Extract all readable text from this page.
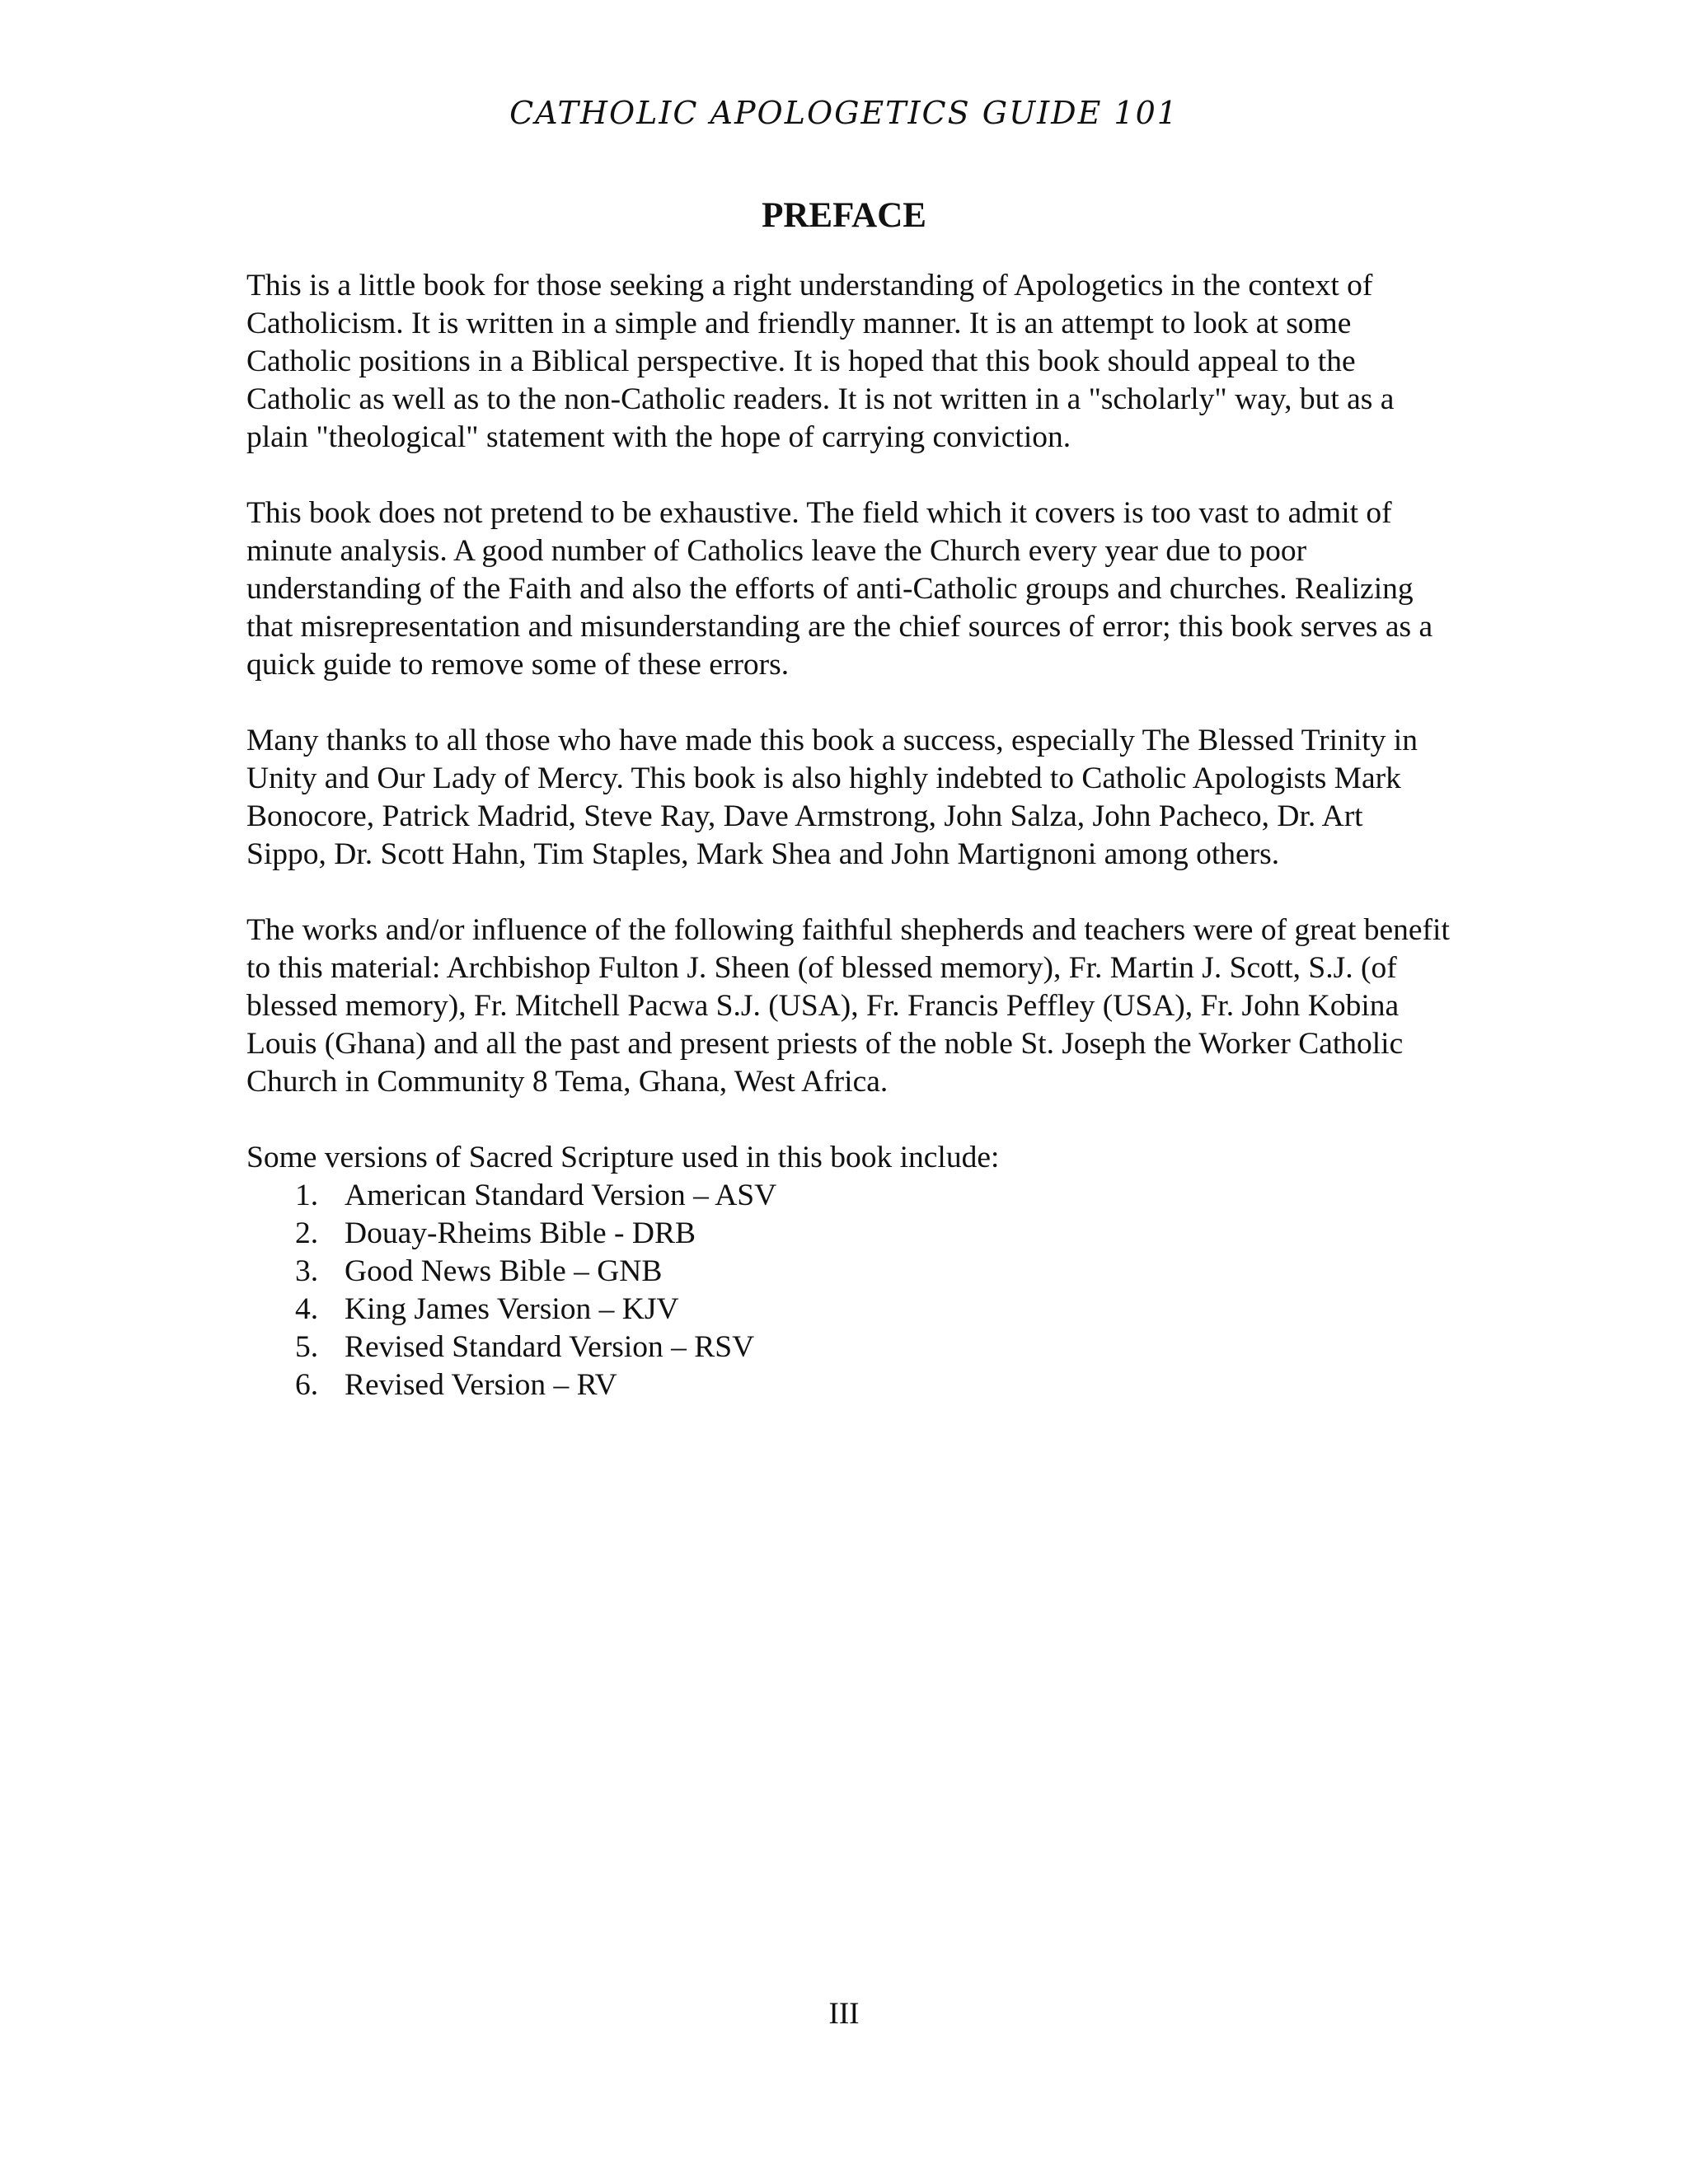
CATHOLIC APOLOGETICS GUIDE 101
PREFACE

This is a little book for those seeking a right understanding of Apologetics in the context of Catholicism. It is written in a simple and friendly manner. It is an attempt to look at some Catholic positions in a Biblical perspective. It is hoped that this book should appeal to the Catholic as well as to the non-Catholic readers. It is not written in a "scholarly" way, but as a plain "theological" statement with the hope of carrying conviction.

This book does not pretend to be exhaustive. The field which it covers is too vast to admit of minute analysis. A good number of Catholics leave the Church every year due to poor understanding of the Faith and also the efforts of anti-Catholic groups and churches. Realizing that misrepresentation and misunderstanding are the chief sources of error; this book serves as a quick guide to remove some of these errors.

Many thanks to all those who have made this book a success, especially The Blessed Trinity in Unity and Our Lady of Mercy. This book is also highly indebted to Catholic Apologists Mark Bonocore, Patrick Madrid, Steve Ray, Dave Armstrong, John Salza, John Pacheco, Dr. Art Sippo, Dr. Scott Hahn, Tim Staples, Mark Shea and John Martignoni among others.

The works and/or influence of the following faithful shepherds and teachers were of great benefit to this material: Archbishop Fulton J. Sheen (of blessed memory), Fr. Martin J. Scott, S.J. (of blessed memory), Fr. Mitchell Pacwa S.J. (USA), Fr. Francis Peffley (USA), Fr. John Kobina Louis (Ghana) and all the past and present priests of the noble St. Joseph the Worker Catholic Church in Community 8 Tema, Ghana, West Africa.

Some versions of Sacred Scripture used in this book include:

1. American Standard Version – ASV
2. Douay-Rheims Bible - DRB
3. Good News Bible – GNB
4. King James Version – KJV
5. Revised Standard Version – RSV
6. Revised Version – RV
III
